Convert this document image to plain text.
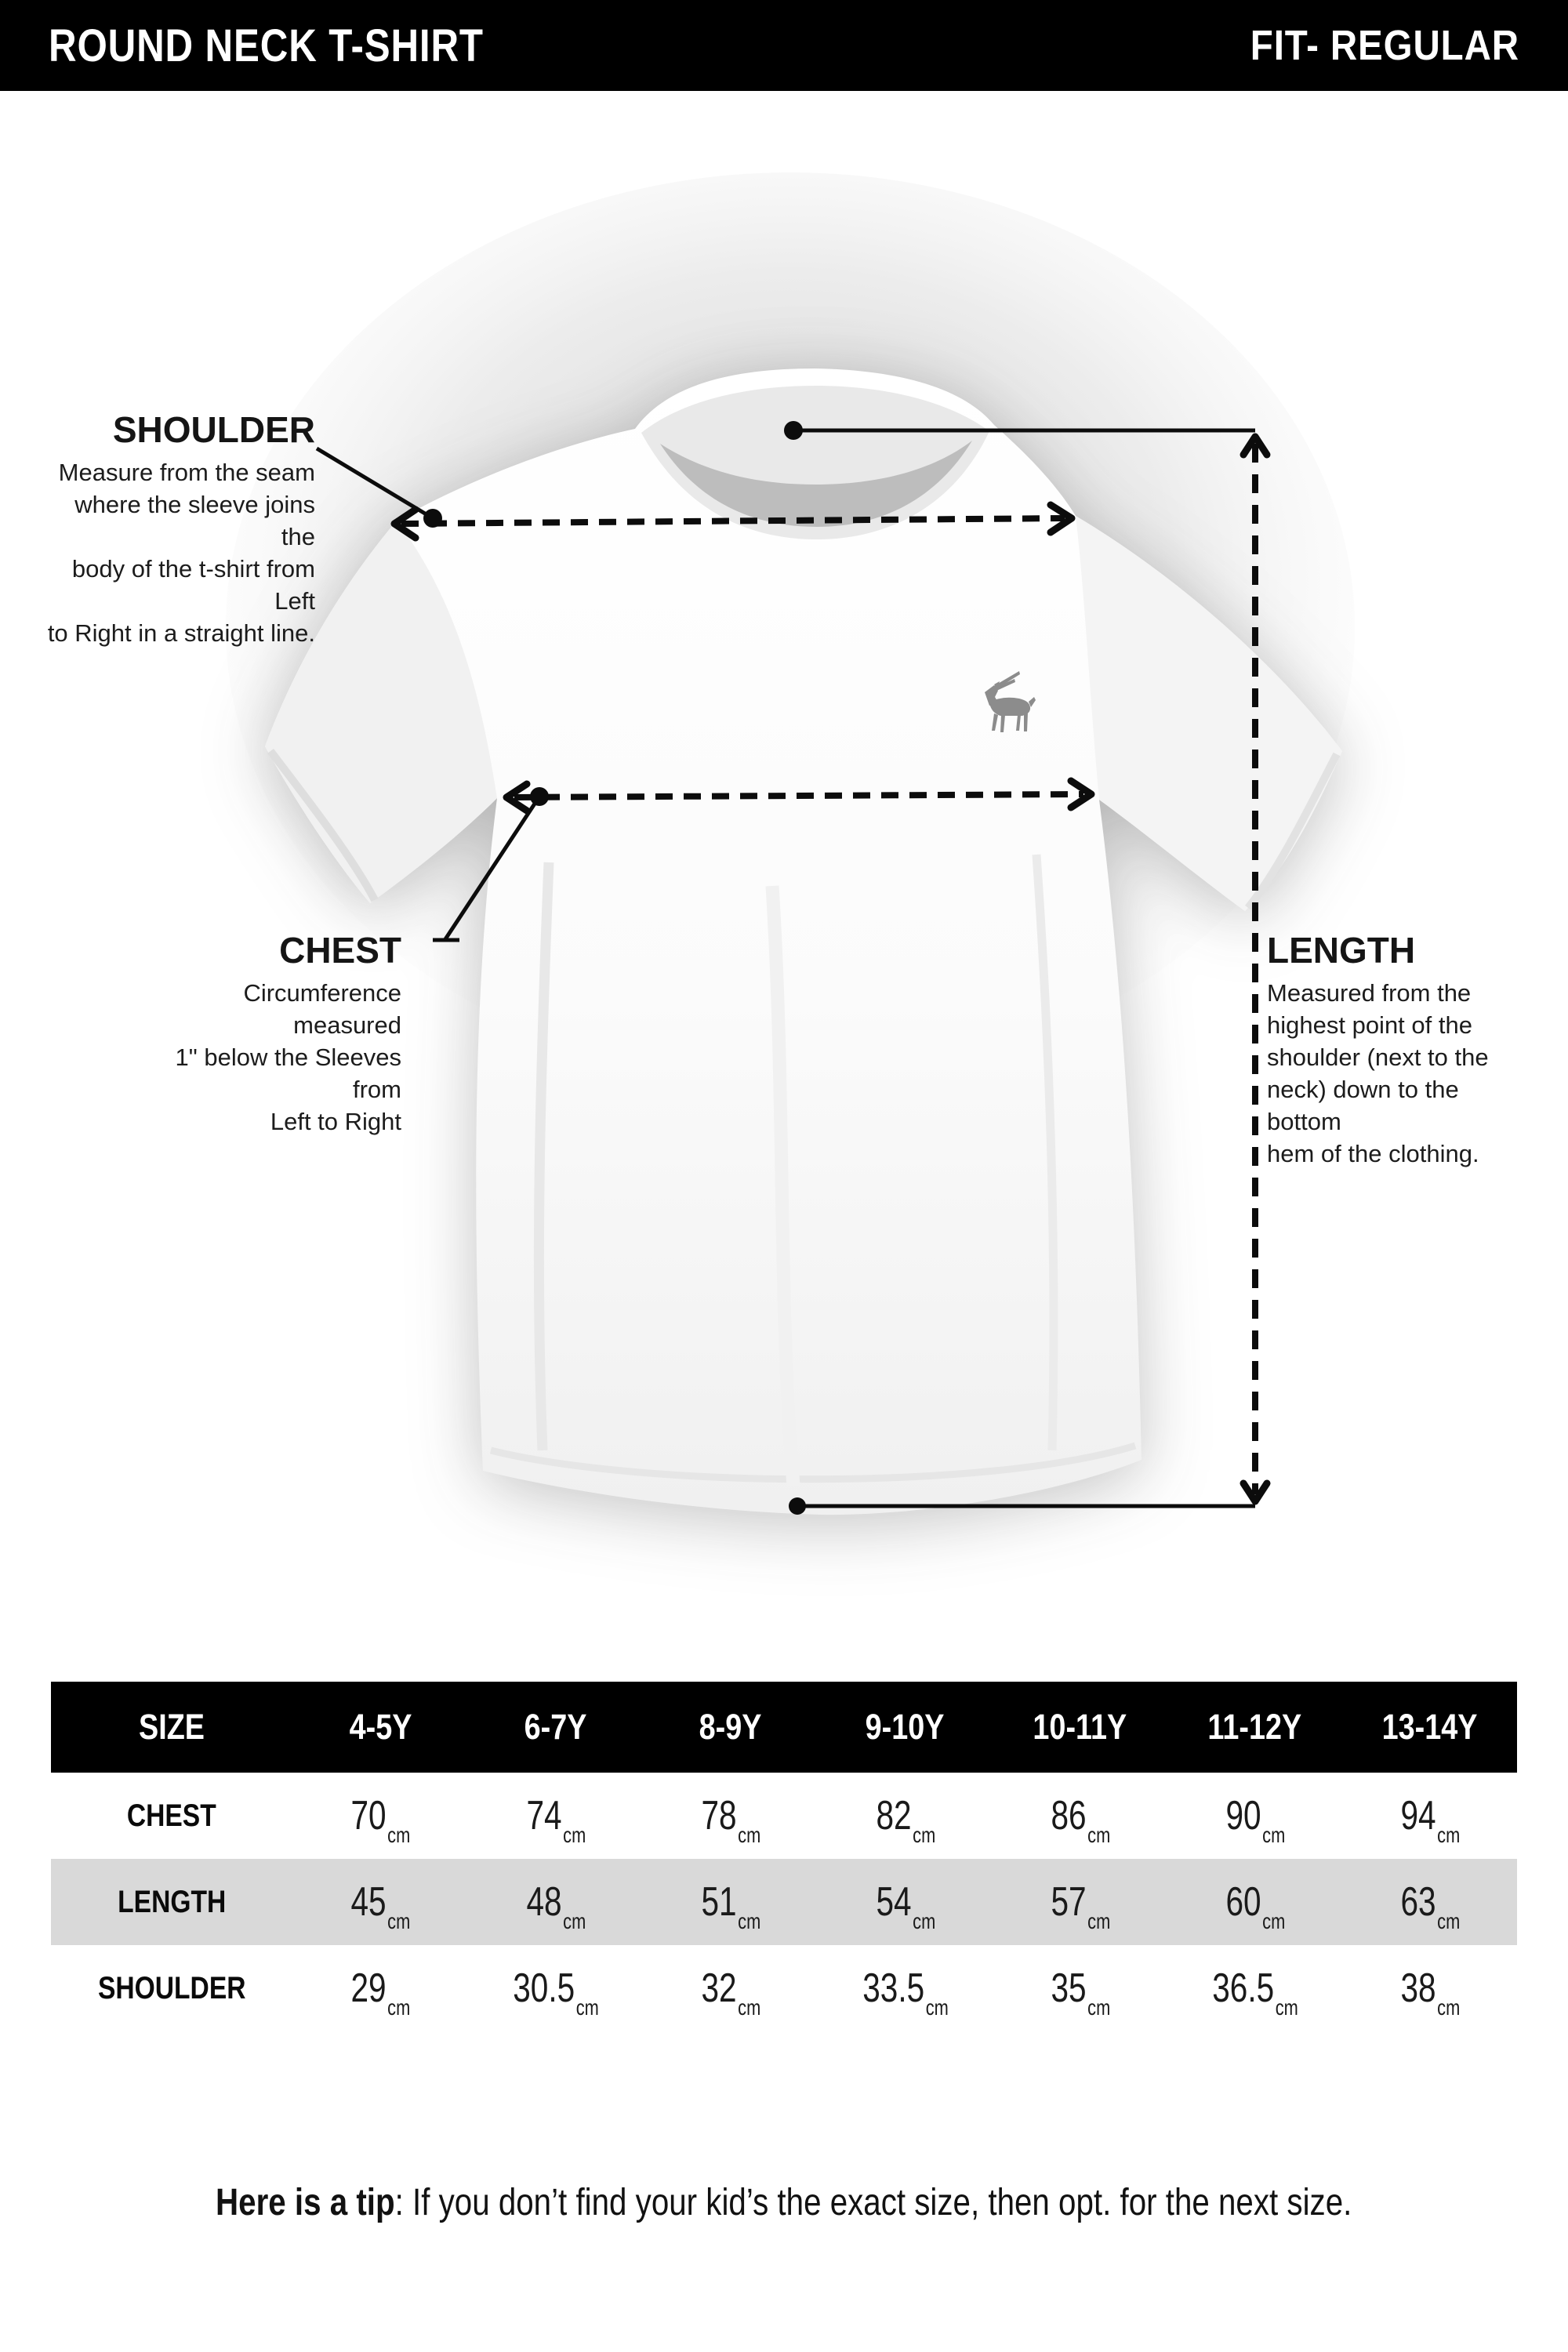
ROUND NECK T-SHIRT	FIT- REGULAR
SHOULDER
Measure from the seam
where the sleeve joins the
body of the t-shirt from Left
to Right in a straight line.
CHEST
Circumference measured
1" below the Sleeves from
Left to Right
LENGTH
Measured from the
highest point of the
shoulder (next to the
neck) down to the bottom
hem of the clothing.
SIZE	4-5Y	6-7Y	8-9Y	9-10Y	10-11Y	11-12Y	13-14Y
CHEST	$70_{cm}$	$74_{cm}$	$78_{cm}$	$82_{cm}$	$86_{cm}$	$90_{cm}$	$94_{cm}$
LENGTH	$45_{cm}$	$48_{cm}$	$51_{cm}$	$54_{cm}$	$57_{cm}$	$60_{cm}$	$63_{cm}$
SHOULDER	$29_{cm}$	$30.5_{cm}$	$32_{cm}$	$33.5_{cm}$	$35_{cm}$	$36.5_{cm}$	$38_{cm}$

Here is a tip: If you don’t find your kid’s the exact size, then opt. for the next size.
